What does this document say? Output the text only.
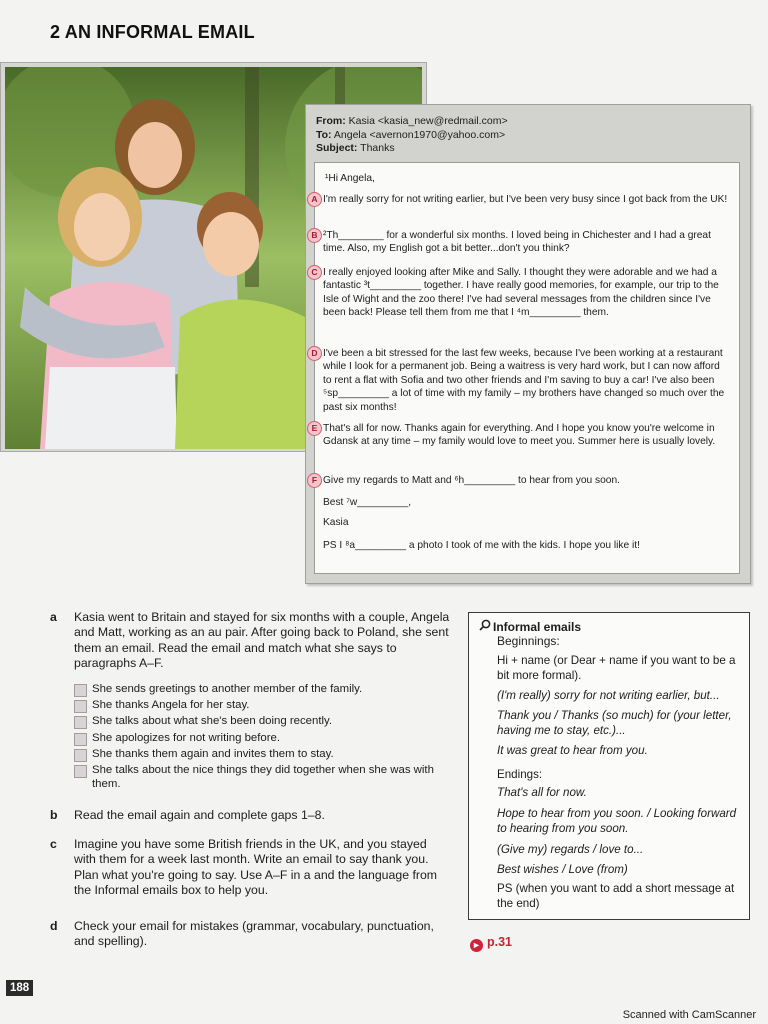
2 AN INFORMAL EMAIL
From: Kasia <kasia_new@redmail.com>
To: Angela <avernon1970@yahoo.com>
Subject: Thanks
¹Hi Angela,
A I'm really sorry for not writing earlier, but I've been very busy since I got back from the UK!
B ²Th________ for a wonderful six months. I loved being in Chichester and I had a great time. Also, my English got a bit better...don't you think?
C I really enjoyed looking after Mike and Sally. I thought they were adorable and we had a fantastic ³t_________ together. I have really good memories, for example, our trip to the Isle of Wight and the zoo there! I've had several messages from the children since I've been back! Please tell them from me that I ⁴m_________ them.
D I've been a bit stressed for the last few weeks, because I've been working at a restaurant while I look for a permanent job. Being a waitress is very hard work, but I can now afford to rent a flat with Sofia and two other friends and I'm saving to buy a car! I've also been ⁵sp_________ a lot of time with my family – my brothers have changed so much over the past six months!
E That's all for now. Thanks again for everything. And I hope you know you're welcome in Gdansk at any time – my family would love to meet you. Summer here is usually lovely.
F Give my regards to Matt and ⁶h_________ to hear from you soon.
Best ⁷w_________,
Kasia
PS I ⁸a_________ a photo I took of me with the kids. I hope you like it!
a Kasia went to Britain and stayed for six months with a couple, Angela and Matt, working as an au pair. After going back to Poland, she sent them an email. Read the email and match what she says to paragraphs A–F.
She sends greetings to another member of the family.
She thanks Angela for her stay.
She talks about what she's been doing recently.
She apologizes for not writing before.
She thanks them again and invites them to stay.
She talks about the nice things they did together when she was with them.
b Read the email again and complete gaps 1–8.
c Imagine you have some British friends in the UK, and you stayed with them for a week last month. Write an email to say thank you. Plan what you're going to say. Use A–F in a and the language from the Informal emails box to help you.
d Check your email for mistakes (grammar, vocabulary, punctuation, and spelling).
Informal emails
Beginnings:
Hi + name (or Dear + name if you want to be a bit more formal).
(I'm really) sorry for not writing earlier, but...
Thank you / Thanks (so much) for (your letter, having me to stay, etc.)...
It was great to hear from you.
Endings:
That's all for now.
Hope to hear from you soon. / Looking forward to hearing from you soon.
(Give my) regards / love to...
Best wishes / Love (from)
PS (when you want to add a short message at the end)
► p.31
188
Scanned with CamScanner
